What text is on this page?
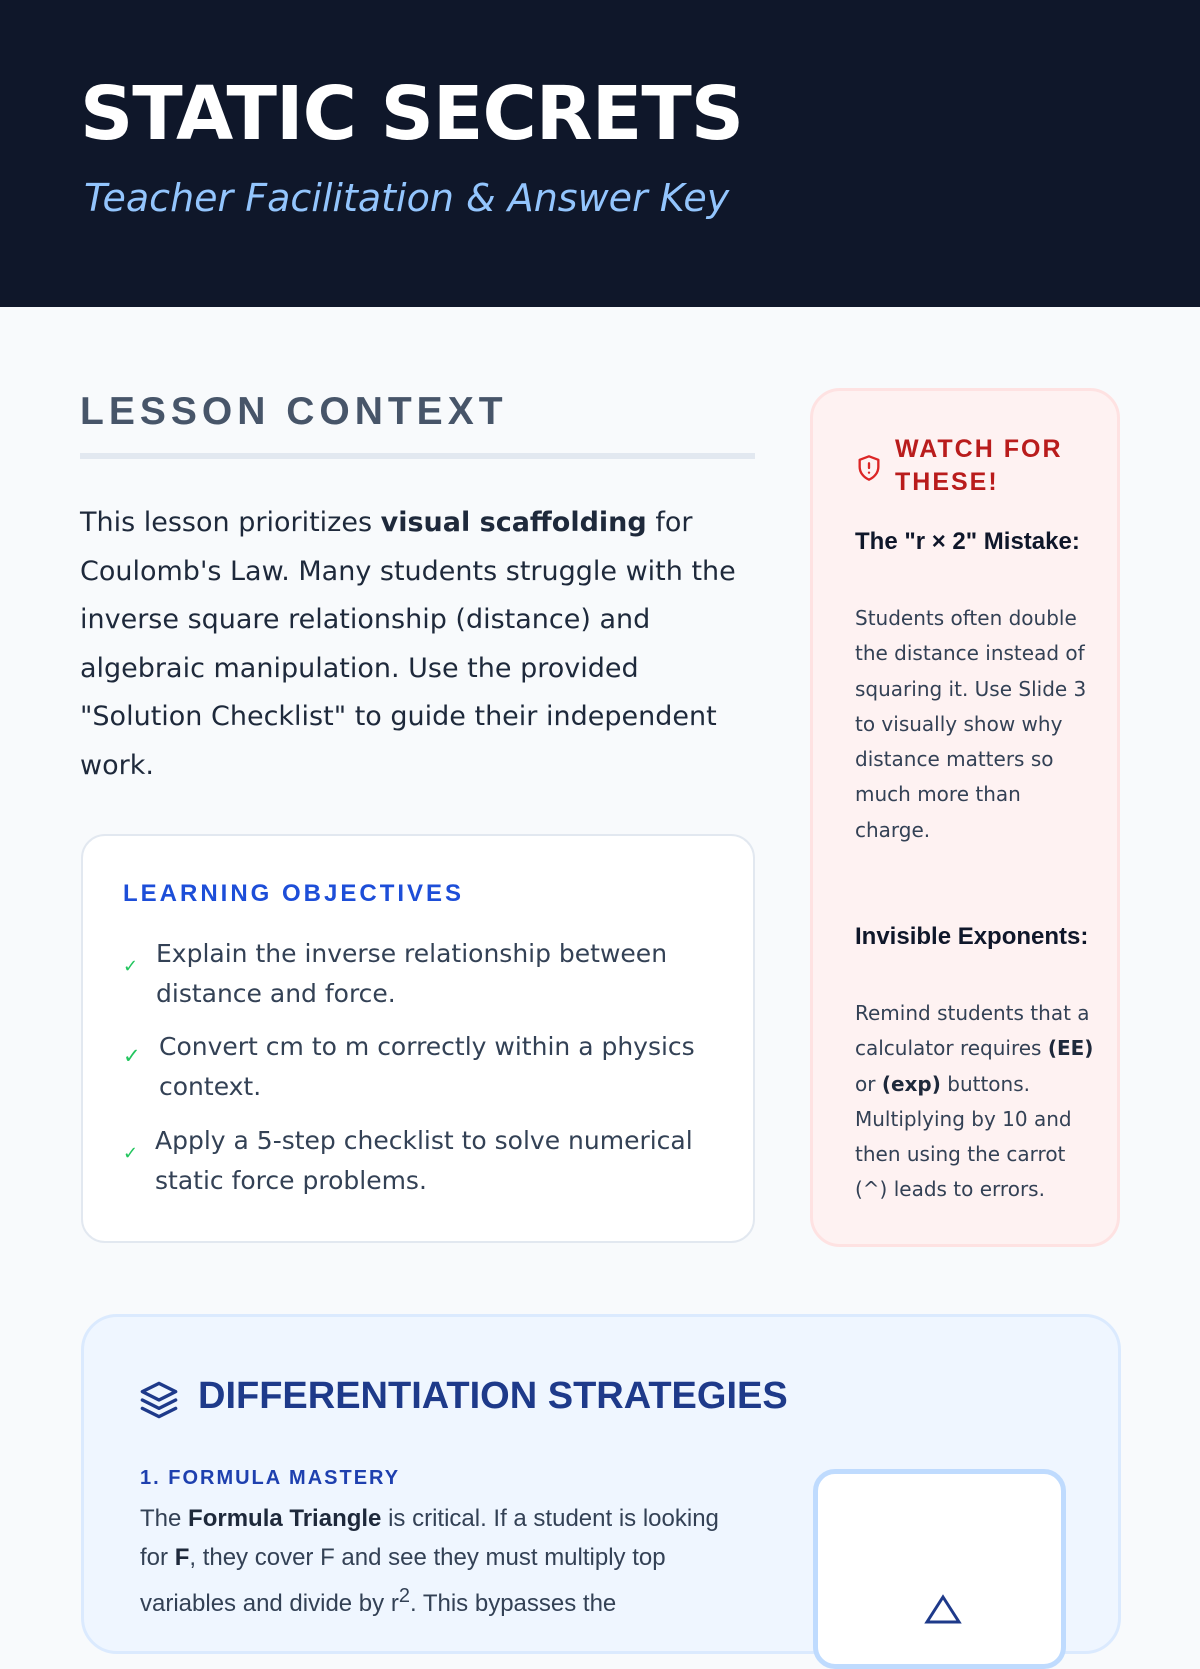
STATIC SECRETS
Teacher Facilitation & Answer Key
LESSON CONTEXT

This lesson prioritizes visual scaffolding for Coulomb's Law. Many students struggle with the inverse square relationship (distance) and algebraic manipulation. Use the provided "Solution Checklist" to guide their independent work.

LEARNING OBJECTIVES
✓ Explain the inverse relationship between distance and force.
✓ Convert cm to m correctly within a physics context.
✓ Apply a 5-step checklist to solve numerical static force problems.
WATCH FOR THESE!
The "r × 2" Mistake:
Students often double the distance instead of squaring it. Use Slide 3 to visually show why distance matters so much more than charge.
Invisible Exponents:
Remind students that a calculator requires (EE) or (exp) buttons. Multiplying by 10 and then using the carrot (^) leads to errors.
DIFFERENTIATION STRATEGIES
1. FORMULA MASTERY

The Formula Triangle is critical. If a student is looking for F, they cover F and see they must multiply top variables and divide by $r^2$. This bypasses the
